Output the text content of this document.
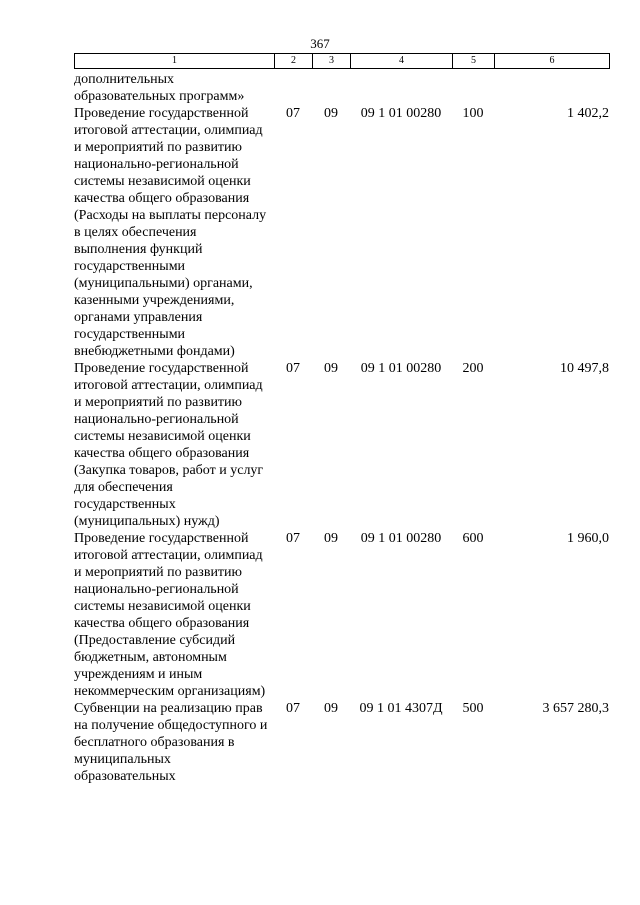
367
1	2	3	4	5	6
дополнительных образовательных программ»					
Проведение государственной итоговой аттестации, олимпиад и мероприятий по развитию национально-региональной системы независимой оценки качества общего образования (Расходы на выплаты персоналу в целях обеспечения выполнения функций государственными (муниципальными) органами, казенными учреждениями, органами управления государственными внебюджетными фондами)	07	09	09 1 01 00280	100	1 402,2
Проведение государственной итоговой аттестации, олимпиад и мероприятий по развитию национально-региональной системы независимой оценки качества общего образования (Закупка товаров, работ и услуг для обеспечения государственных (муниципальных) нужд)	07	09	09 1 01 00280	200	10 497,8
Проведение государственной итоговой аттестации, олимпиад и мероприятий по развитию национально-региональной системы независимой оценки качества общего образования (Предоставление субсидий бюджетным, автономным учреждениям и иным некоммерческим организациям)	07	09	09 1 01 00280	600	1 960,0
Субвенции на реализацию прав на получение общедоступного и бесплатного образования в муниципальных образовательных	07	09	09 1 01 4307Д	500	3 657 280,3
